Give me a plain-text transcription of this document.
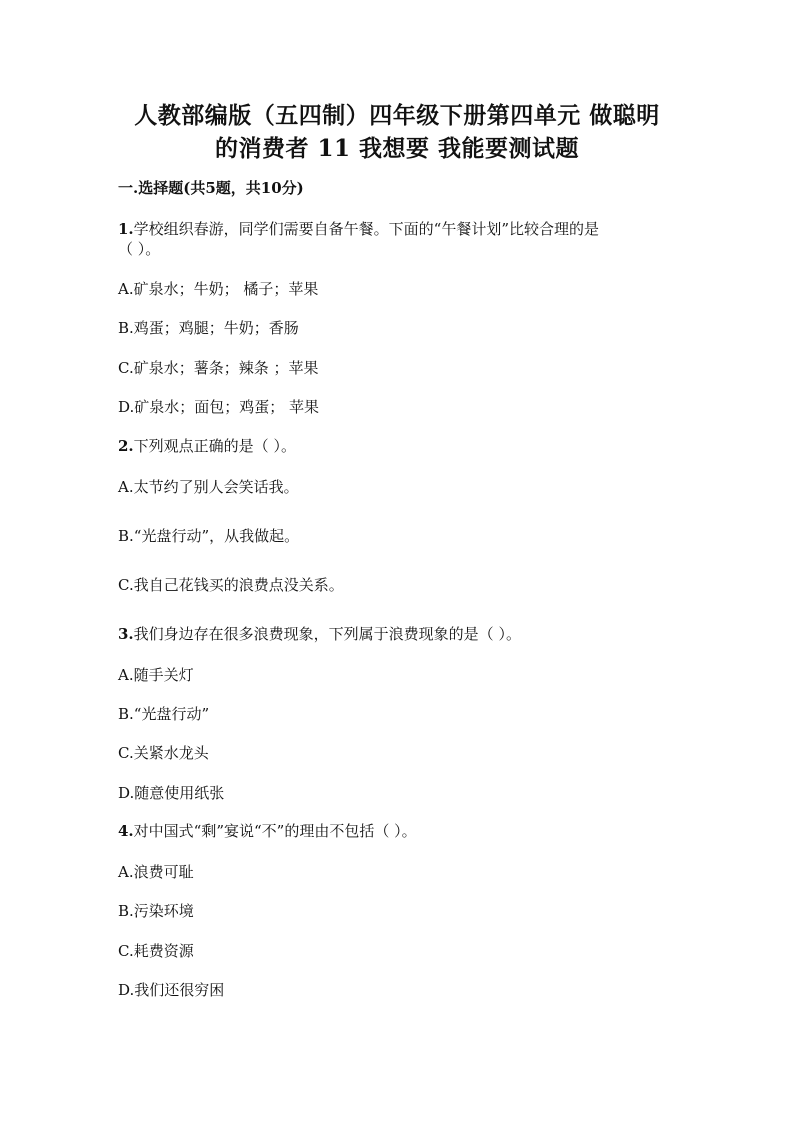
人教部编版（五四制）四年级下册第四单元 做聪明
的消费者 11 我想要 我能要测试题
一.选择题(共5题，共10分)
1.学校组织春游，同学们需要自备午餐。下面的“午餐计划”比较合理的是
（ ）。
A.矿泉水；牛奶； 橘子；苹果
B.鸡蛋；鸡腿；牛奶；香肠
C.矿泉水；薯条；辣条 ；苹果
D.矿泉水；面包；鸡蛋； 苹果
2.下列观点正确的是（ ）。
A.太节约了别人会笑话我。
B.“光盘行动”，从我做起。
C.我自己花钱买的浪费点没关系。
3.我们身边存在很多浪费现象，下列属于浪费现象的是（ ）。
A.随手关灯
B.“光盘行动”
C.关紧水龙头
D.随意使用纸张
4.对中国式“剩”宴说“不”的理由不包括（ ）。
A.浪费可耻
B.污染环境
C.耗费资源
D.我们还很穷困
